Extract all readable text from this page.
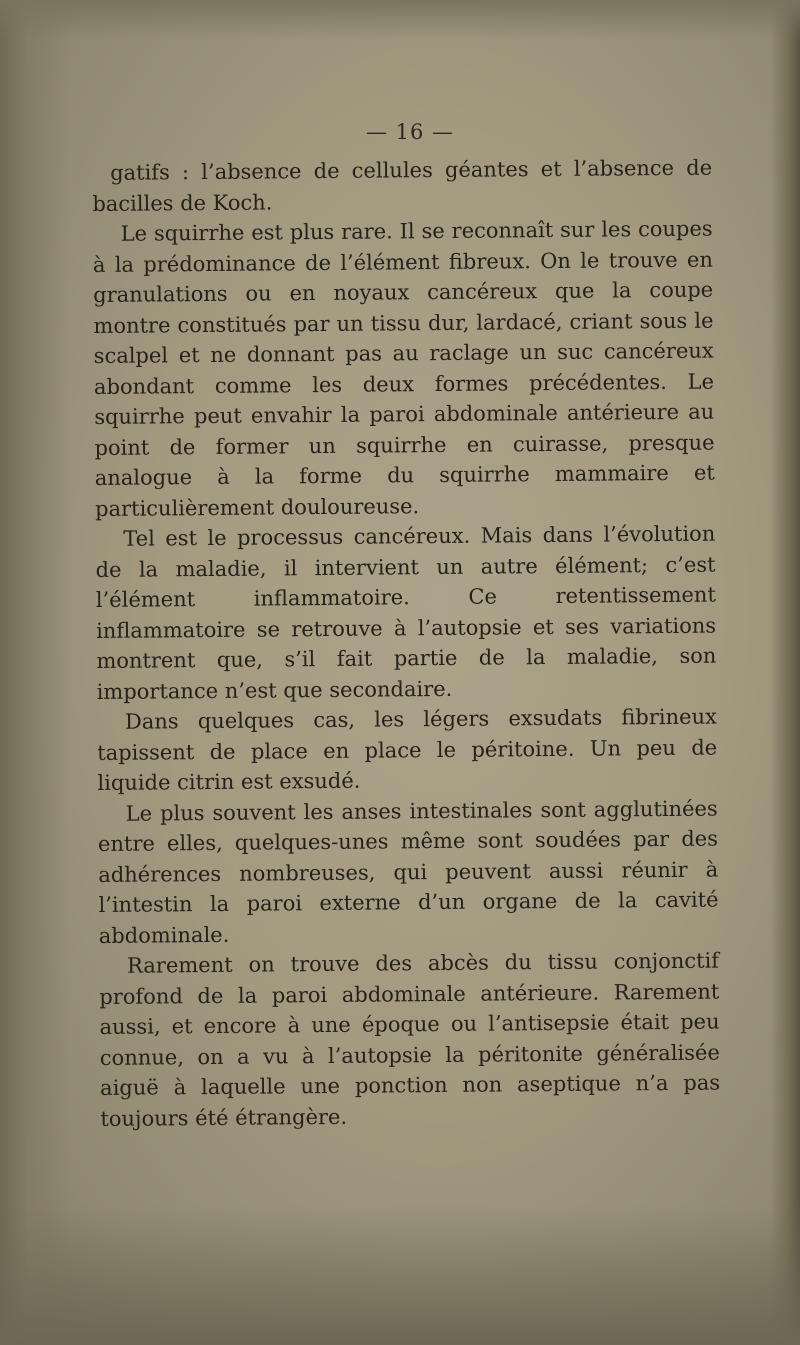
— 16 —

gatifs : l’absence de cellules géantes et l’absence de bacilles de Koch.

Le squirrhe est plus rare. Il se reconnaît sur les coupes à la prédominance de l’élément fibreux. On le trouve en granulations ou en noyaux cancéreux que la coupe montre constitués par un tissu dur, lardacé, criant sous le scalpel et ne donnant pas au raclage un suc cancéreux abondant comme les deux formes précédentes. Le squirrhe peut envahir la paroi abdominale antérieure au point de former un squirrhe en cuirasse, presque analogue à la forme du squirrhe mammaire et particulièrement douloureuse.

Tel est le processus cancéreux. Mais dans l’évolution de la maladie, il intervient un autre élément; c’est l’élément inflammatoire. Ce retentissement inflammatoire se retrouve à l’autopsie et ses variations montrent que, s’il fait partie de la maladie, son importance n’est que secondaire.

Dans quelques cas, les légers exsudats fibrineux tapissent de place en place le péritoine. Un peu de liquide citrin est exsudé.

Le plus souvent les anses intestinales sont agglutinées entre elles, quelques-unes même sont soudées par des adhérences nombreuses, qui peuvent aussi réunir à l’intestin la paroi externe d’un organe de la cavité abdominale.

Rarement on trouve des abcès du tissu conjonctif profond de la paroi abdominale antérieure. Rarement aussi, et encore à une époque ou l’antisepsie était peu connue, on a vu à l’autopsie la péritonite généralisée aiguë à laquelle une ponction non aseptique n’a pas toujours été étrangère.
